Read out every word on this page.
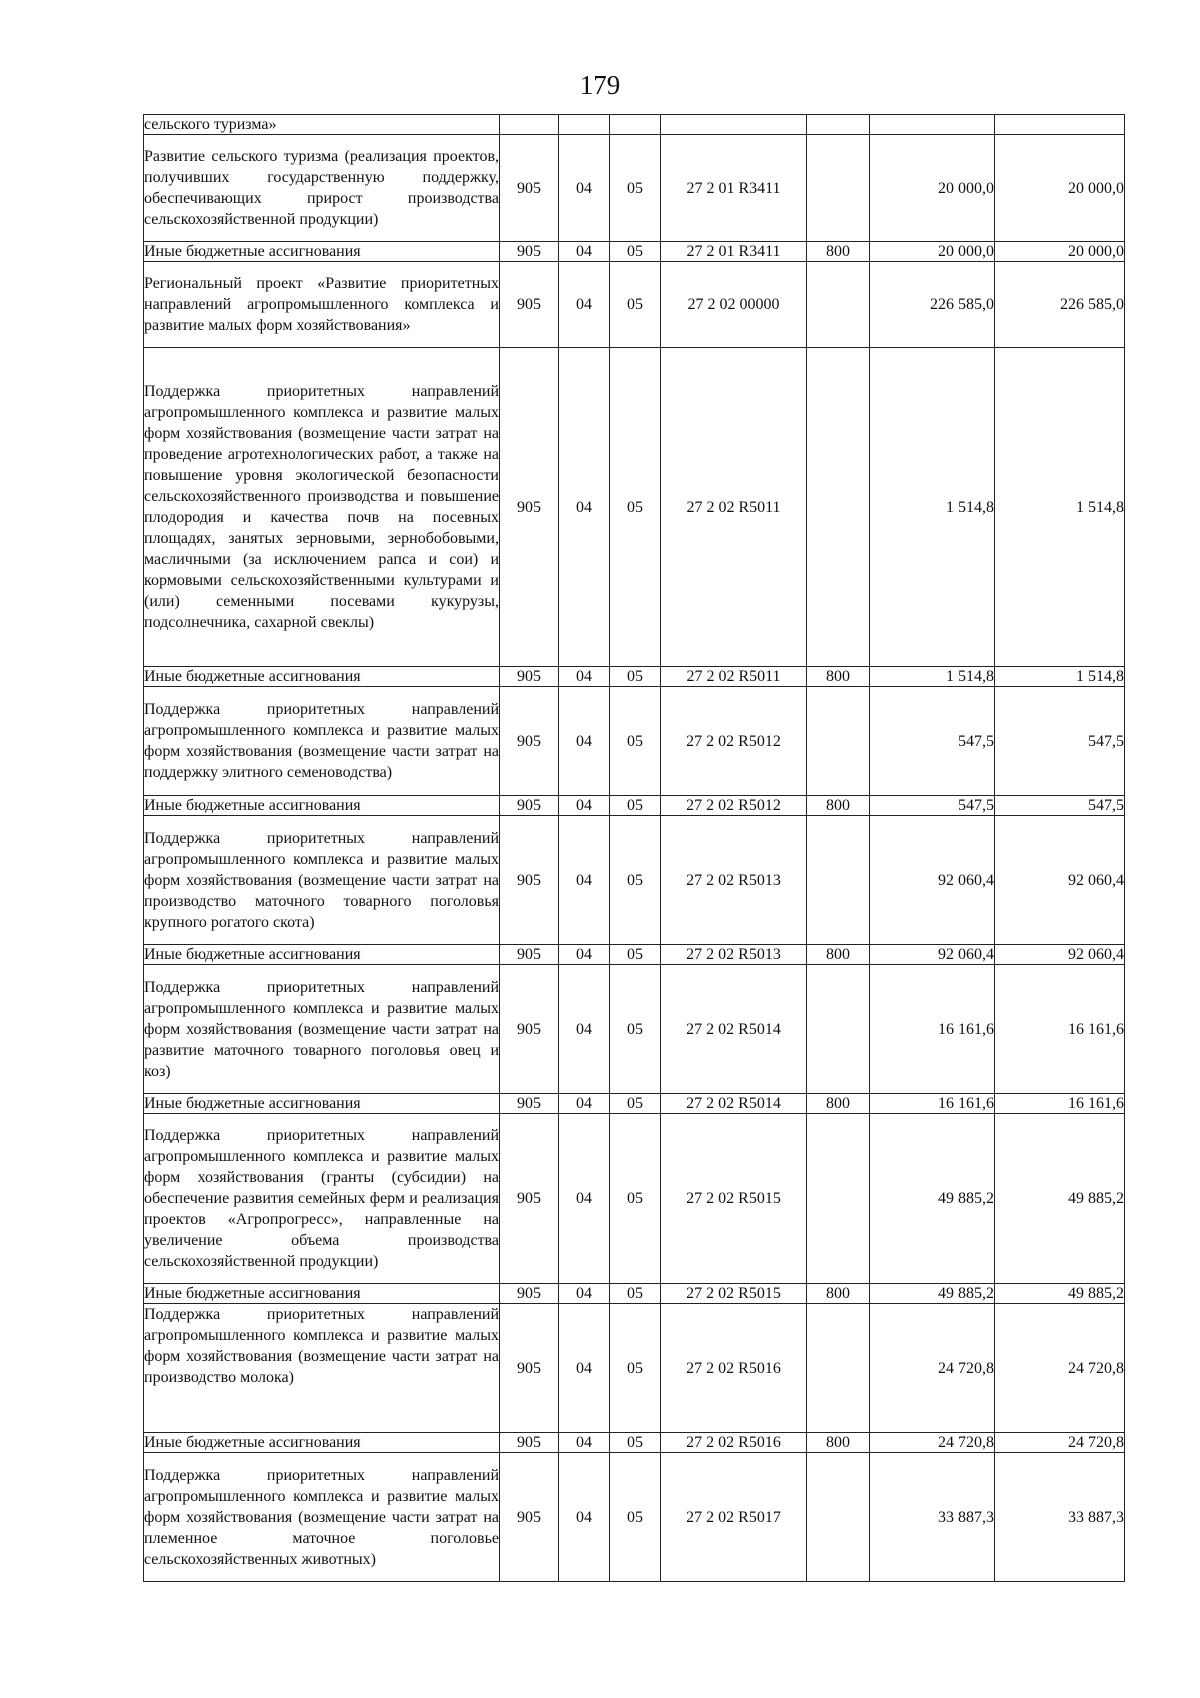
179
сельского туризма»							
Развитие сельского туризма (реализация проектов, получивших государственную поддержку, обеспечивающих прирост производства сельскохозяйственной продукции)	905	04	05	27 2 01 R3411		20 000,0	20 000,0
Иные бюджетные ассигнования	905	04	05	27 2 01 R3411	800	20 000,0	20 000,0
Региональный проект «Развитие приоритетных направлений агропромышленного комплекса и развитие малых форм хозяйствования»	905	04	05	27 2 02 00000		226 585,0	226 585,0
Поддержка приоритетных направлений агропромышленного комплекса и развитие малых форм хозяйствования (возмещение части затрат на проведение агротехнологических работ, а также на повышение уровня экологической безопасности сельскохозяйственного производства и повышение плодородия и качества почв на посевных площадях, занятых зерновыми, зернобобовыми, масличными (за исключением рапса и сои) и кормовыми сельскохозяйственными культурами и (или) семенными посевами кукурузы, подсолнечника, сахарной свеклы)	905	04	05	27 2 02 R5011		1 514,8	1 514,8
Иные бюджетные ассигнования	905	04	05	27 2 02 R5011	800	1 514,8	1 514,8
Поддержка приоритетных направлений агропромышленного комплекса и развитие малых форм хозяйствования (возмещение части затрат на поддержку элитного семеноводства)	905	04	05	27 2 02 R5012		547,5	547,5
Иные бюджетные ассигнования	905	04	05	27 2 02 R5012	800	547,5	547,5
Поддержка приоритетных направлений агропромышленного комплекса и развитие малых форм хозяйствования (возмещение части затрат на производство маточного товарного поголовья крупного рогатого скота)	905	04	05	27 2 02 R5013		92 060,4	92 060,4
Иные бюджетные ассигнования	905	04	05	27 2 02 R5013	800	92 060,4	92 060,4
Поддержка приоритетных направлений агропромышленного комплекса и развитие малых форм хозяйствования (возмещение части затрат на развитие маточного товарного поголовья овец и коз)	905	04	05	27 2 02 R5014		16 161,6	16 161,6
Иные бюджетные ассигнования	905	04	05	27 2 02 R5014	800	16 161,6	16 161,6
Поддержка приоритетных направлений агропромышленного комплекса и развитие малых форм хозяйствования (гранты (субсидии) на обеспечение развития семейных ферм и реализация проектов «Агропрогресс», направленные на увеличение объема производства сельскохозяйственной продукции)	905	04	05	27 2 02 R5015		49 885,2	49 885,2
Иные бюджетные ассигнования	905	04	05	27 2 02 R5015	800	49 885,2	49 885,2
Поддержка приоритетных направлений агропромышленного комплекса и развитие малых форм хозяйствования (возмещение части затрат на производство молока)	905	04	05	27 2 02 R5016		24 720,8	24 720,8
Иные бюджетные ассигнования	905	04	05	27 2 02 R5016	800	24 720,8	24 720,8
Поддержка приоритетных направлений агропромышленного комплекса и развитие малых форм хозяйствования (возмещение части затрат на племенное маточное поголовье сельскохозяйственных животных)	905	04	05	27 2 02 R5017		33 887,3	33 887,3
